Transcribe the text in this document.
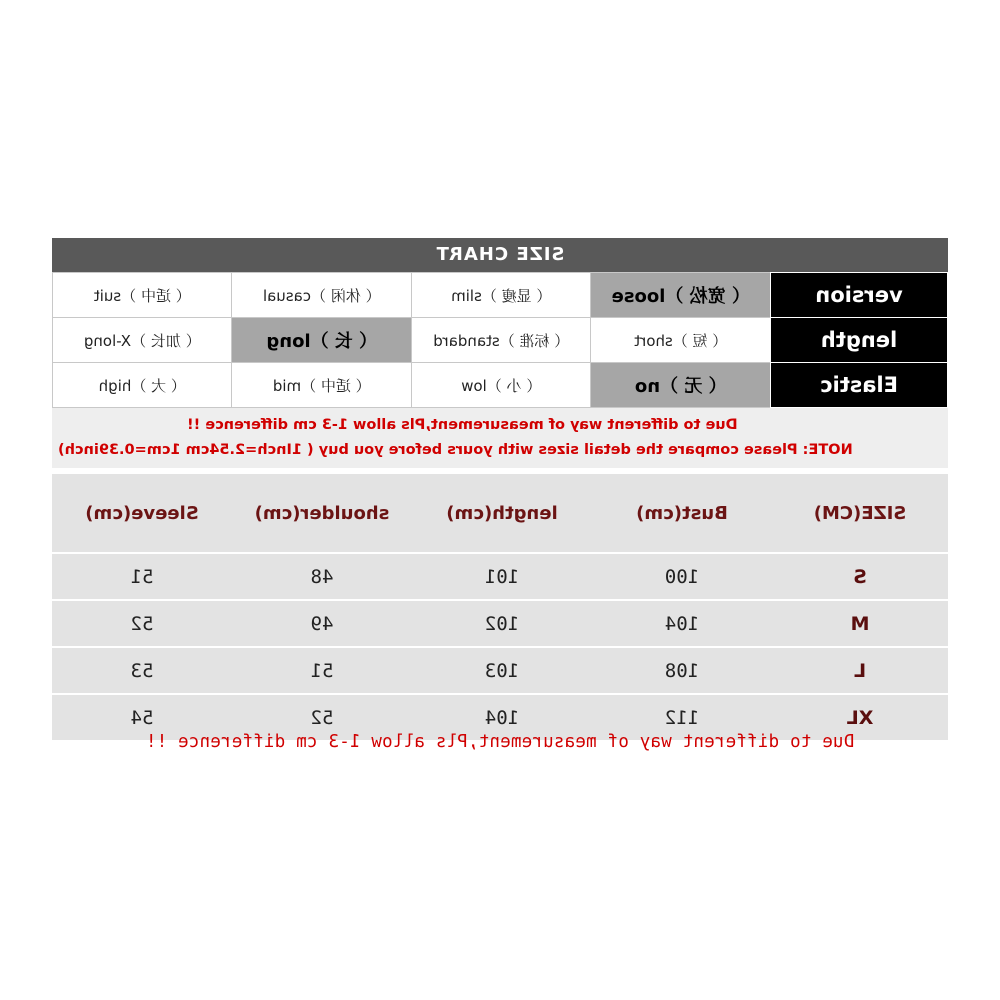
SIZE CHART
version	（ 宽松 ）loose	（ 显瘦 ）slim	（ 休闲 ）casual	（ 适中 ）suit
length	（ 短 ）short	（ 标准 ）standard	（ 长 ）long	（ 加长 ）X-long
Elastic	（ 无 ）no	（ 小 ）low	（ 适中 ）mid	（ 大 ）high
Due to different way of measurement,Pls allow 1-3 cm difference !!
NOTE: Please compare the detail sizes with yours before you buy ( 1Inch=2.54cm 1cm=0.39inch)
SIZE(CM)	Bust(cm)	length(cm)	shoulder(cm)	Sleeve(cm)
S	100	101	48	51
M	104	102	49	52
L	108	103	51	53
XL	112	104	52	54
Due to different way of measurement,Pls allow 1-3 cm difference !!
